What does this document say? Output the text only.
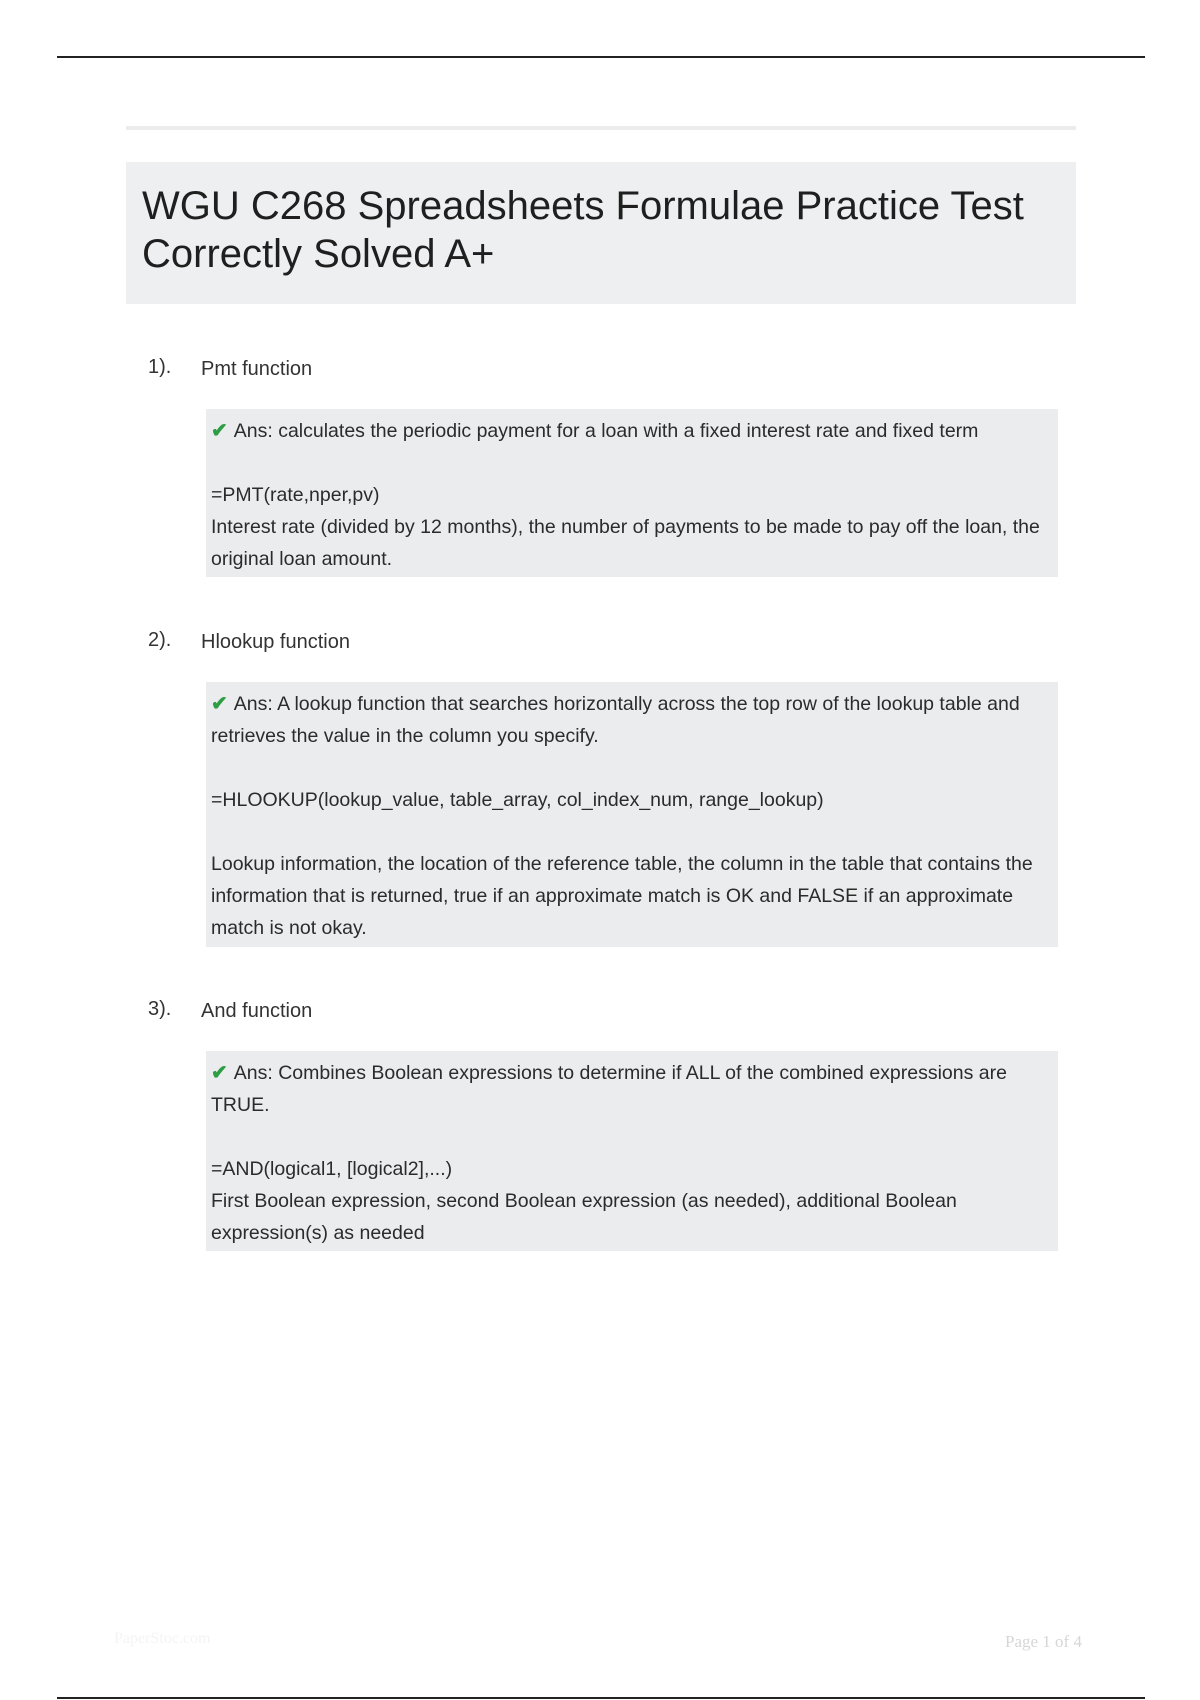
WGU C268 Spreadsheets Formulae Practice Test Correctly Solved A+
1). Pmt function
✔ Ans: calculates the periodic payment for a loan with a fixed interest rate and fixed term
=PMT(rate,nper,pv)
Interest rate (divided by 12 months), the number of payments to be made to pay off the loan, the original loan amount.
2). Hlookup function
✔ Ans: A lookup function that searches horizontally across the top row of the lookup table and retrieves the value in the column you specify.
=HLOOKUP(lookup_value, table_array, col_index_num, range_lookup)
Lookup information, the location of the reference table, the column in the table that contains the information that is returned, true if an approximate match is OK and FALSE if an approximate match is not okay.
3). And function
✔ Ans: Combines Boolean expressions to determine if ALL of the combined expressions are TRUE.
=AND(logical1, [logical2],...)
First Boolean expression, second Boolean expression (as needed), additional Boolean expression(s) as needed
PaperStoc.com	Page 1 of 4
